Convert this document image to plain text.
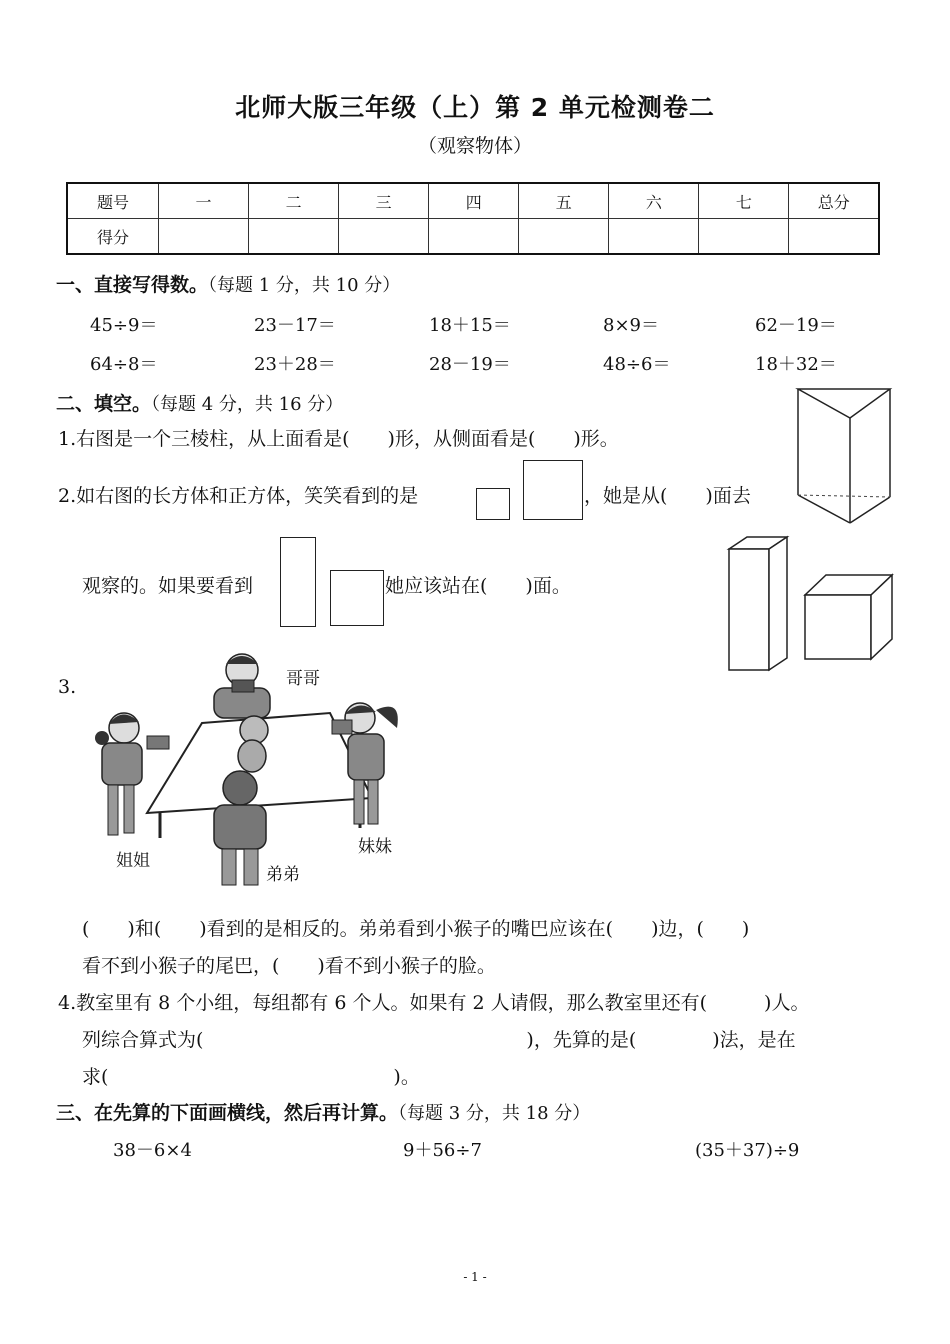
北师大版三年级（上）第 2 单元检测卷二
（观察物体）
题号	一	二	三	四	五	六	七	总分
得分								
一、直接写得数。（每题 1 分，共 10 分）
45÷9＝	23－17＝	18＋15＝	8×9＝	62－19＝
64÷8＝	23＋28＝	28－19＝	48÷6＝	18＋32＝
二、填空。（每题 4 分，共 16 分）
1.右图是一个三棱柱，从上面看是(　　)形，从侧面看是(　　)形。
2.如右图的长方体和正方体，笑笑看到的是	，她是从(　　)面去
观察的。如果要看到	她应该站在(　　)面。
3.	哥哥
姐姐
妹妹
弟弟
(　　)和(　　)看到的是相反的。弟弟看到小猴子的嘴巴应该在(　　)边，(　　)
看不到小猴子的尾巴，(　　)看不到小猴子的脸。
4.教室里有 8 个小组，每组都有 6 个人。如果有 2 人请假，那么教室里还有(　　　)人。
列综合算式为(　　　　　　　　　　　　　　　　　)，先算的是(　　　　)法，是在
求(　　　　　　　　　　　　　　　)。
三、在先算的下面画横线，然后再计算。（每题 3 分，共 18 分）
38－6×4	9＋56÷7	(35＋37)÷9
- 1 -
